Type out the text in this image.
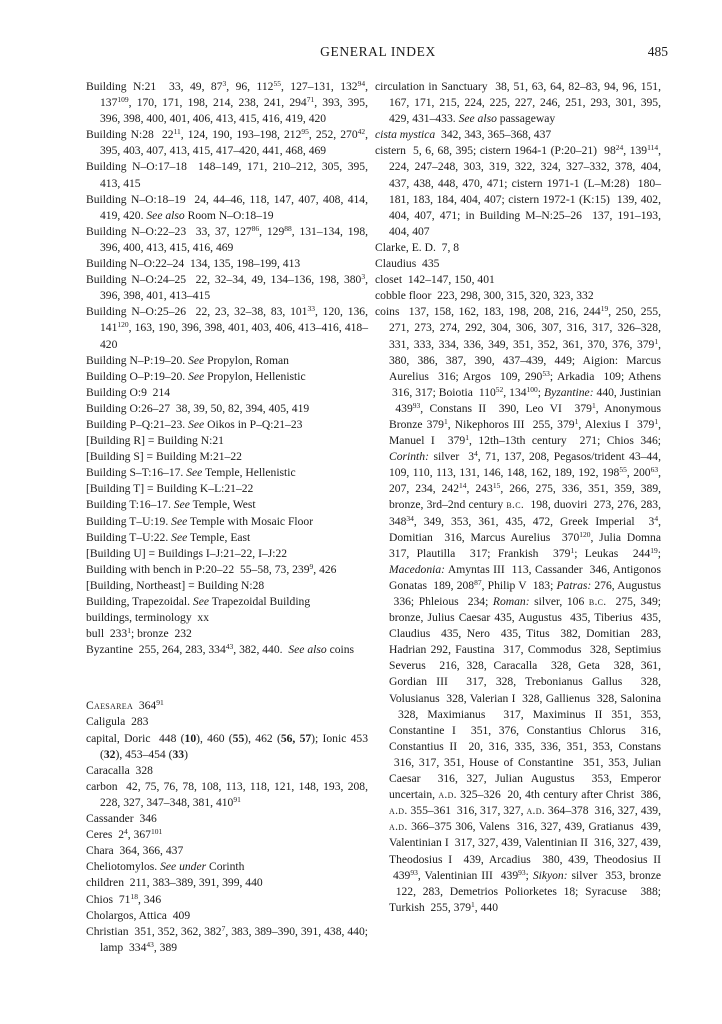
GENERAL INDEX	485
Building N:21  33, 49, $87^3$, 96, $112^{55}$, 127–131, $132^{94}$, $137^{109}$, 170, 171, 198, 214, 238, 241, $294^{71}$, 393, 395, 396, 398, 400, 401, 406, 413, 415, 416, 419, 420
Building N:28  $22^{11}$, 124, 190, 193–198, $212^{95}$, 252, $270^{42}$, 395, 403, 407, 413, 415, 417–420, 441, 468, 469
Building N–O:17–18  148–149, 171, 210–212, 305, 395, 413, 415
Building N–O:18–19  24, 44–46, 118, 147, 407, 408, 414, 419, 420. See also Room N–O:18–19
Building N–O:22–23  33, 37, $127^{86}$, $129^{88}$, 131–134, 198, 396, 400, 413, 415, 416, 469
Building N–O:22–24  134, 135, 198–199, 413
Building N–O:24–25  22, 32–34, 49, 134–136, 198, $380^3$, 396, 398, 401, 413–415
Building N–O:25–26  22, 23, 32–38, 83, $101^{33}$, 120, 136, $141^{120}$, 163, 190, 396, 398, 401, 403, 406, 413–416, 418–420
Building N–P:19–20. See Propylon, Roman
Building O–P:19–20. See Propylon, Hellenistic
Building O:9  214
Building O:26–27  38, 39, 50, 82, 394, 405, 419
Building P–Q:21–23. See Oikos in P–Q:21–23
[Building R] = Building N:21
[Building S] = Building M:21–22
Building S–T:16–17. See Temple, Hellenistic
[Building T] = Building K–L:21–22
Building T:16–17. See Temple, West
Building T–U:19. See Temple with Mosaic Floor
Building T–U:22. See Temple, East
[Building U] = Buildings I–J:21–22, I–J:22
Building with bench in P:20–22  55–58, 73, $239^9$, 426
[Building, Northeast] = Building N:28
Building, Trapezoidal. See Trapezoidal Building
buildings, terminology  xx
bull  $233^1$; bronze  232
Byzantine  255, 264, 283, $334^{43}$, 382, 440.  See also coins
Caesarea  $364^{91}$
Caligula  283
capital, Doric  448 (10), 460 (55), 462 (56, 57); Ionic 453 (32), 453–454 (33)
Caracalla  328
carbon  42, 75, 76, 78, 108, 113, 118, 121, 148, 193, 208, 228, 327, 347–348, 381, $410^{91}$
Cassander  346
Ceres  $2^4$, $367^{101}$
Chara  364, 366, 437
Cheliotomylos. See under Corinth
children  211, 383–389, 391, 399, 440
Chios  $71^{18}$, 346
Cholargos, Attica  409
Christian  351, 352, 362, $382^7$, 383, 389–390, 391, 438, 440; lamp  $334^{43}$, 389
circulation in Sanctuary  38, 51, 63, 64, 82–83, 94, 96, 151, 167, 171, 215, 224, 225, 227, 246, 251, 293, 301, 395, 429, 431–433. See also passageway
cista mystica  342, 343, 365–368, 437
cistern  5, 6, 68, 395; cistern 1964-1 (P:20–21)  $98^{24}$, $139^{114}$, 224, 247–248, 303, 319, 322, 324, 327–332, 378, 404, 437, 438, 448, 470, 471; cistern 1971-1 (L–M:28)  180–181, 183, 184, 404, 407; cistern 1972-1 (K:15)  139, 402, 404, 407, 471; in Building M–N:25–26  137, 191–193, 404, 407
Clarke, E. D.  7, 8
Claudius  435
closet  142–147, 150, 401
cobble floor  223, 298, 300, 315, 320, 323, 332
coins  137, 158, 162, 183, 198, 208, 216, $244^{19}$, 250, 255, 271, 273, 274, 292, 304, 306, 307, 316, 317, 326–328, 331, 333, 334, 336, 349, 351, 352, 361, 370, 376, $379^1$, 380, 386, 387, 390, 437–439, 449; Aigion: Marcus Aurelius  316; Argos  109, $290^{53}$; Arkadia  109; Athens  316, 317; Boiotia  $110^{52}$, $134^{100}$; Byzantine: 440, Justinian  $439^{93}$, Constans II  390, Leo VI  $379^1$, Anonymous Bronze $379^1$, Nikephoros III  255, $379^1$, Alexius I  $379^1$, Manuel I  $379^1$, 12th–13th century  271; Chios 346; Corinth: silver  $3^4$, 71, 137, 208, Pegasos/trident 43–44, 109, 110, 113, 131, 146, 148, 162, 189, 192, $198^{55}$, $200^{63}$, 207, 234, $242^{14}$, $243^{15}$, 266, 275, 336, 351, 359, 389, bronze, 3rd–2nd century b.c.  198, duoviri  273, 276, 283, $348^{34}$, 349, 353, 361, 435, 472, Greek Imperial  $3^4$, Domitian  316, Marcus Aurelius  $370^{120}$, Julia Domna 317, Plautilla  317; Frankish  $379^1$; Leukas  $244^{19}$; Macedonia: Amyntas III  113, Cassander  346, Antigonos Gonatas  189, $208^{87}$, Philip V  183; Patras: 276, Augustus  336; Phleious  234; Roman: silver, 106 b.c.  275, 349; bronze, Julius Caesar 435, Augustus  435, Tiberius  435, Claudius  435, Nero  435, Titus  382, Domitian  283, Hadrian 292, Faustina  317, Commodus  328, Septimius Severus  216, 328, Caracalla  328, Geta  328, 361, Gordian III  317, 328, Trebonianus Gallus  328, Volusianus  328, Valerian I  328, Gallienus  328, Salonina  328, Maximianus  317, Maximinus II 351, 353, Constantine I  351, 376, Constantius Chlorus  316, Constantius II  20, 316, 335, 336, 351, 353, Constans  316, 317, 351, House of Constantine  351, 353, Julian Caesar  316, 327, Julian Augustus  353, Emperor uncertain, a.d. 325–326  20, 4th century after Christ  386, a.d. 355–361  316, 317, 327, a.d. 364–378  316, 327, 439, a.d. 366–375 306, Valens  316, 327, 439, Gratianus  439, Valentinian I  317, 327, 439, Valentinian II  316, 327, 439, Theodosius I  439, Arcadius  380, 439, Theodosius II  $439^{93}$, Valentinian III  $439^{93}$; Sikyon: silver  353, bronze  122, 283, Demetrios Poliorketes 18; Syracuse  388; Turkish  255, $379^1$, 440
